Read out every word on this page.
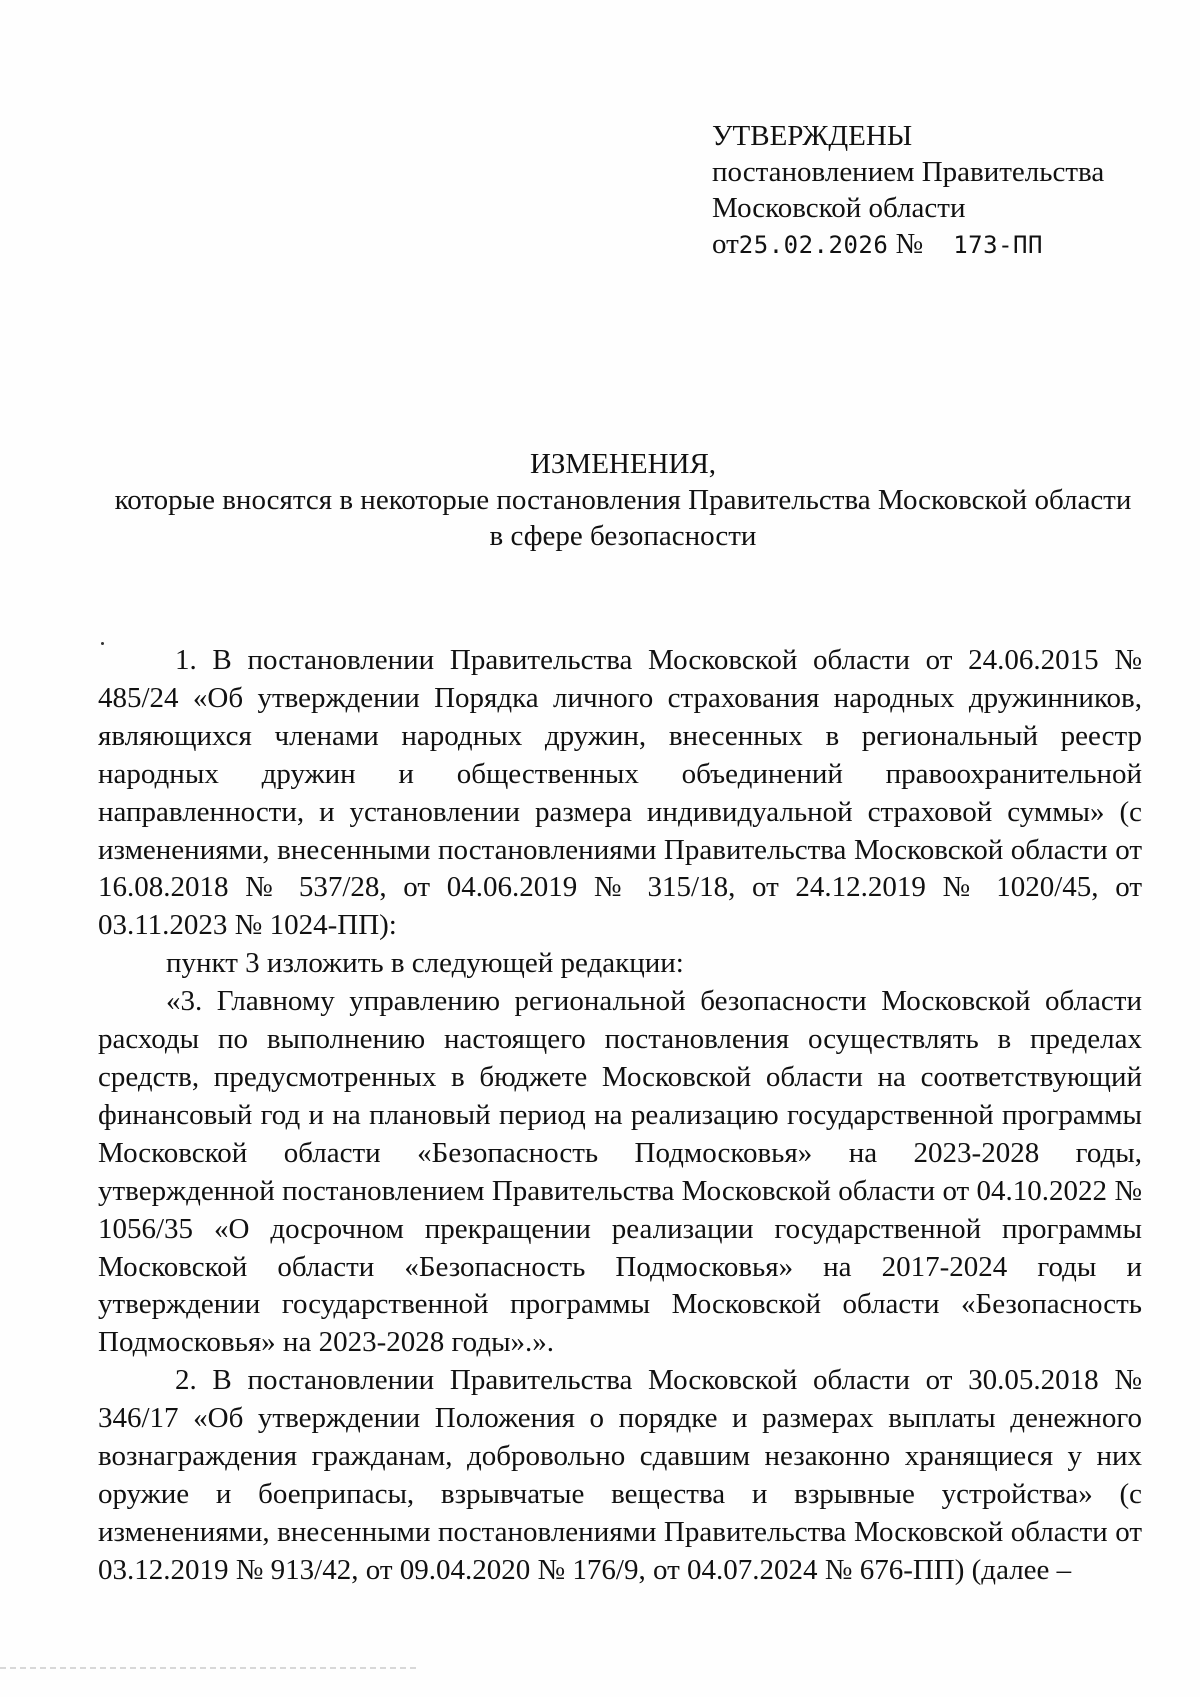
УТВЕРЖДЕНЫ
постановлением Правительства
Московской области
от25.02.2026 № 173-ПП
ИЗМЕНЕНИЯ,
которые вносятся в некоторые постановления Правительства Московской области
в сфере безопасности

1. В постановлении Правительства Московской области от 24.06.2015 № 485/24 «Об утверждении Порядка личного страхования народных дружинников, являющихся членами народных дружин, внесенных в региональный реестр народных дружин и общественных объединений правоохранительной направленности, и установлении размера индивидуальной страховой суммы» (с изменениями, внесенными постановлениями Правительства Московской области от 16.08.2018 № 537/28, от 04.06.2019 № 315/18, от 24.12.2019 № 1020/45, от 03.11.2023 № 1024-ПП):

пункт 3 изложить в следующей редакции:

«3. Главному управлению региональной безопасности Московской области расходы по выполнению настоящего постановления осуществлять в пределах средств, предусмотренных в бюджете Московской области на соответствующий финансовый год и на плановый период на реализацию государственной программы Московской области «Безопасность Подмосковья» на 2023-2028 годы, утвержденной постановлением Правительства Московской области от 04.10.2022 № 1056/35 «О досрочном прекращении реализации государственной программы Московской области «Безопасность Подмосковья» на 2017-2024 годы и утверждении государственной программы Московской области «Безопасность Подмосковья» на 2023-2028 годы».».

2. В постановлении Правительства Московской области от 30.05.2018 № 346/17 «Об утверждении Положения о порядке и размерах выплаты денежного вознаграждения гражданам, добровольно сдавшим незаконно хранящиеся у них оружие и боеприпасы, взрывчатые вещества и взрывные устройства» (с изменениями, внесенными постановлениями Правительства Московской области от 03.12.2019 № 913/42, от 09.04.2020 № 176/9, от 04.07.2024 № 676-ПП) (далее –
